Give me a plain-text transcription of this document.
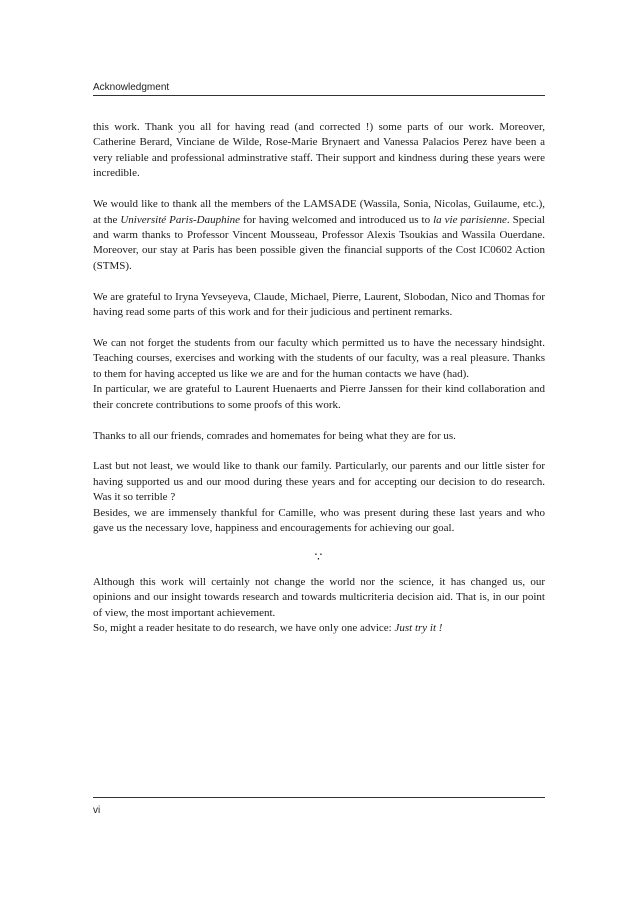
Acknowledgment

this work. Thank you all for having read (and corrected !) some parts of our work. Moreover, Catherine Berard, Vinciane de Wilde, Rose-Marie Brynaert and Vanessa Palacios Perez have been a very reliable and professional adminstrative staff. Their support and kindness during these years were incredible.

We would like to thank all the members of the LAMSADE (Wassila, Sonia, Nicolas, Guilaume, etc.), at the Université Paris-Dauphine for having welcomed and introduced us to la vie parisienne. Special and warm thanks to Professor Vincent Mousseau, Professor Alexis Tsoukias and Wassila Ouerdane. Moreover, our stay at Paris has been possible given the financial supports of the Cost IC0602 Action (STMS).

We are grateful to Iryna Yevseyeva, Claude, Michael, Pierre, Laurent, Slobodan, Nico and Thomas for having read some parts of this work and for their judicious and pertinent remarks.

We can not forget the students from our faculty which permitted us to have the necessary hindsight. Teaching courses, exercises and working with the students of our faculty, was a real pleasure. Thanks to them for having accepted us like we are and for the human contacts we have (had).

In particular, we are grateful to Laurent Huenaerts and Pierre Janssen for their kind collaboration and their concrete contributions to some proofs of this work.

Thanks to all our friends, comrades and homemates for being what they are for us.

Last but not least, we would like to thank our family. Particularly, our parents and our little sister for having supported us and our mood during these years and for accepting our decision to do research. Was it so terrible ?

Besides, we are immensely thankful for Camille, who was present during these last years and who gave us the necessary love, happiness and encouragements for achieving our goal.

∵

Although this work will certainly not change the world nor the science, it has changed us, our opinions and our insight towards research and towards multicriteria decision aid. That is, in our point of view, the most important achievement.

So, might a reader hesitate to do research, we have only one advice: Just try it !

vi
